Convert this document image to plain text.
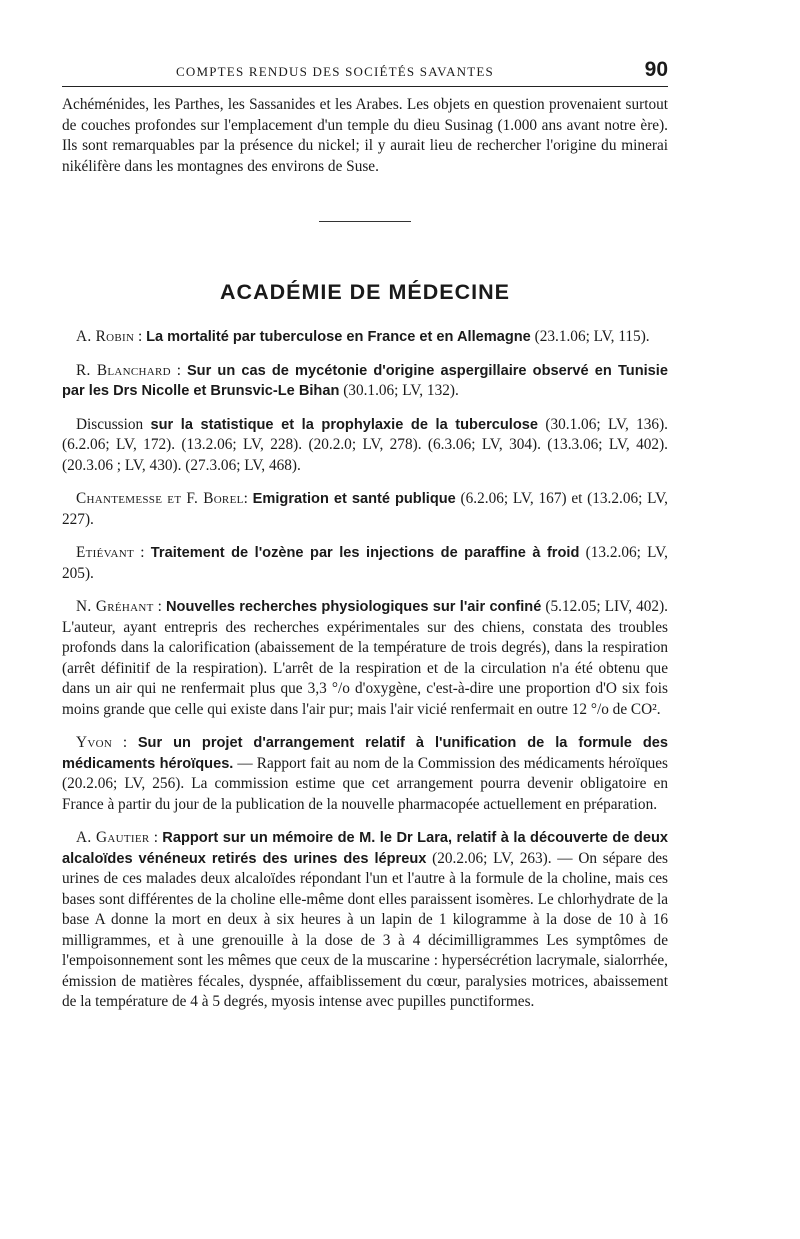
COMPTES RENDUS DES SOCIÉTÉS SAVANTES	90

Achéménides, les Parthes, les Sassanides et les Arabes. Les objets en question provenaient surtout de couches profondes sur l'emplacement d'un temple du dieu Susinag (1.000 ans avant notre ère). Ils sont remarquables par la présence du nickel; il y aurait lieu de rechercher l'origine du minerai nikélifère dans les montagnes des environs de Suse.

ACADÉMIE DE MÉDECINE

A. Robin : La mortalité par tuberculose en France et en Allemagne (23.1.06; LV, 115).

R. Blanchard : Sur un cas de mycétonie d'origine aspergillaire observé en Tunisie par les Drs Nicolle et Brunsvic-Le Bihan (30.1.06; LV, 132).

Discussion sur la statistique et la prophylaxie de la tuberculose (30.1.06; LV, 136). (6.2.06; LV, 172). (13.2.06; LV, 228). (20.2.0; LV, 278). (6.3.06; LV, 304). (13.3.06; LV, 402). (20.3.06 ; LV, 430). (27.3.06; LV, 468).

Chantemesse et F. Borel: Emigration et santé publique (6.2.06; LV, 167) et (13.2.06; LV, 227).

Etiévant : Traitement de l'ozène par les injections de paraffine à froid (13.2.06; LV, 205).

N. Gréhant : Nouvelles recherches physiologiques sur l'air confiné (5.12.05; LIV, 402). L'auteur, ayant entrepris des recherches expérimentales sur des chiens, constata des troubles profonds dans la calorification (abaissement de la température de trois degrés), dans la respiration (arrêt définitif de la respiration). L'arrêt de la respiration et de la circulation n'a été obtenu que dans un air qui ne renfermait plus que 3,3 °/o d'oxygène, c'est-à-dire une proportion d'O six fois moins grande que celle qui existe dans l'air pur; mais l'air vicié renfermait en outre 12 °/o de CO².

Yvon : Sur un projet d'arrangement relatif à l'unification de la formule des médicaments héroïques. — Rapport fait au nom de la Commission des médicaments héroïques (20.2.06; LV, 256). La commission estime que cet arrangement pourra devenir obligatoire en France à partir du jour de la publication de la nouvelle pharmacopée actuellement en préparation.

A. Gautier : Rapport sur un mémoire de M. le Dr Lara, relatif à la découverte de deux alcaloïdes vénéneux retirés des urines des lépreux (20.2.06; LV, 263). — On sépare des urines de ces malades deux alcaloïdes répondant l'un et l'autre à la formule de la choline, mais ces bases sont différentes de la choline elle-même dont elles paraissent isomères. Le chlorhydrate de la base A donne la mort en deux à six heures à un lapin de 1 kilogramme à la dose de 10 à 16 milligrammes, et à une grenouille à la dose de 3 à 4 décimilligrammes Les symptômes de l'empoisonnement sont les mêmes que ceux de la muscarine : hypersécrétion lacrymale, sialorrhée, émission de matières fécales, dyspnée, affaiblissement du cœur, paralysies motrices, abaissement de la température de 4 à 5 degrés, myosis intense avec pupilles punctiformes.
